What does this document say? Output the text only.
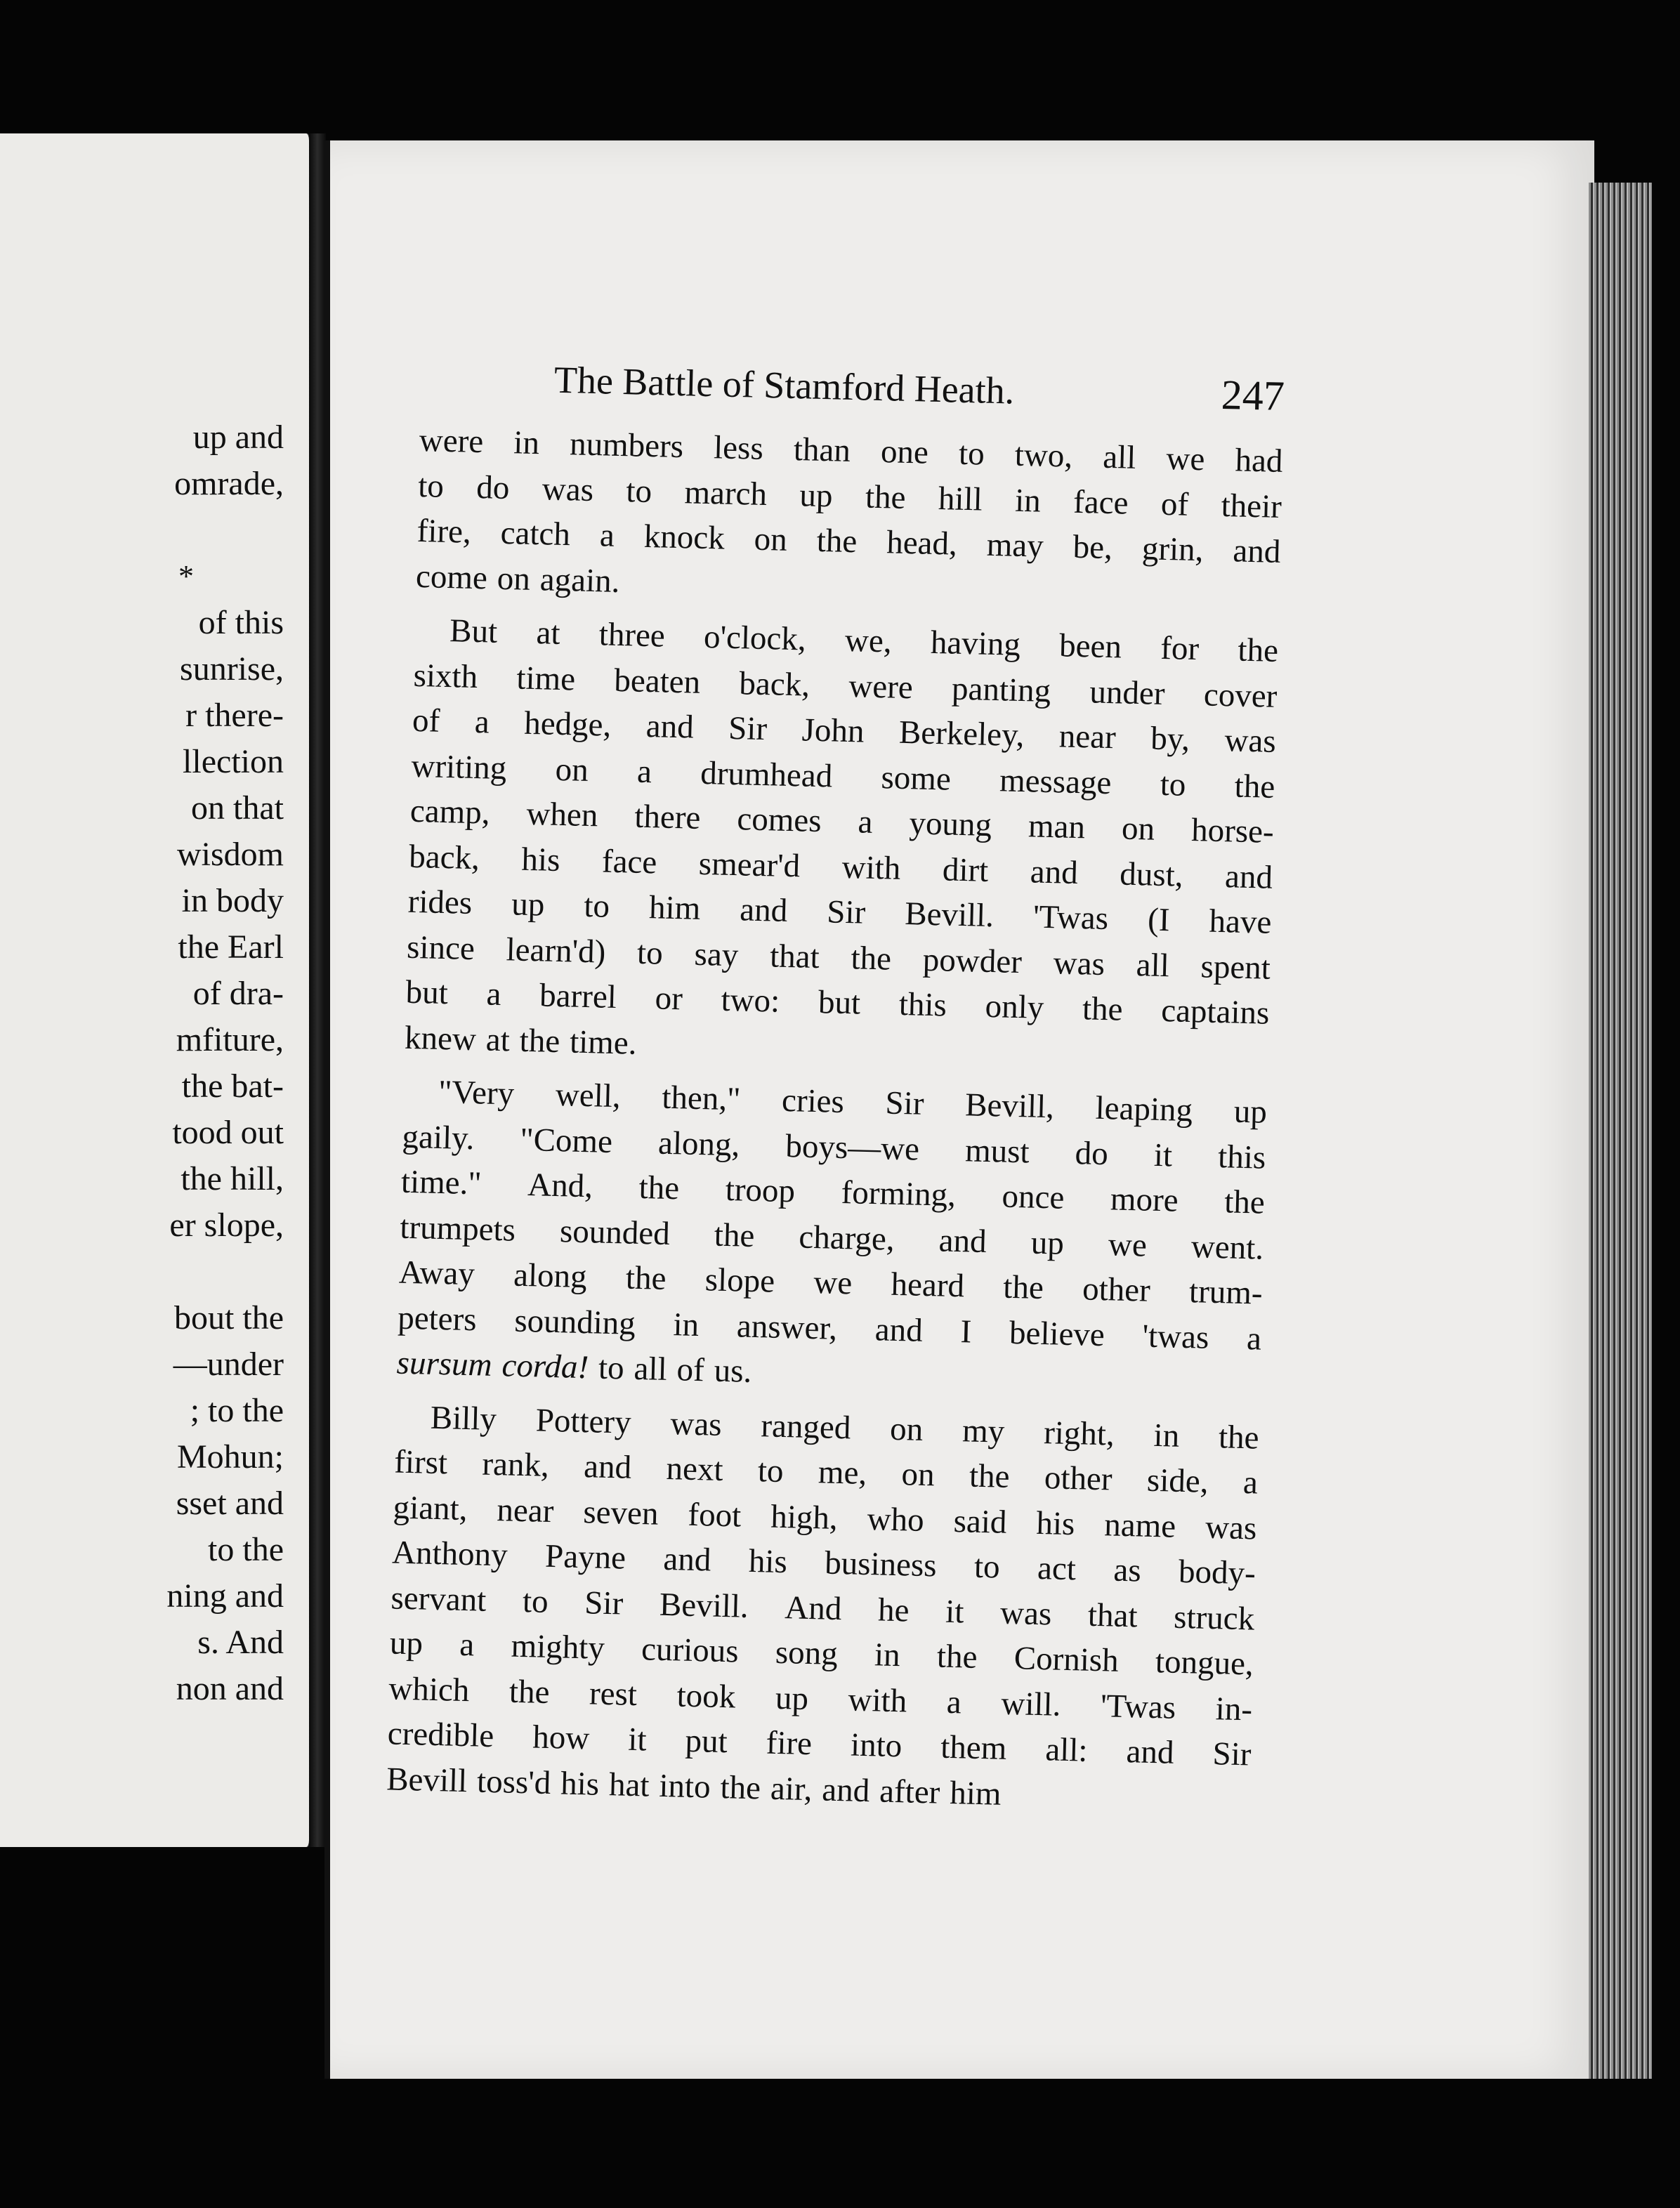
up and
omrade,
*
of this
sunrise,
r there-
llection
on that
wisdom
in body
the Earl
of dra-
mfiture,
the bat-
tood out
the hill,
er slope,
bout the
—under
; to the
Mohun;
sset and
to the
ning and
s. And
non and
The Battle of Stamford Heath.	247
were in numbers less than one to two, all we had
to do was to march up the hill in face of their
fire, catch a knock on the head, may be, grin, and
come on again.
But at three o'clock, we, having been for the
sixth time beaten back, were panting under cover
of a hedge, and Sir John Berkeley, near by, was
writing on a drumhead some message to the
camp, when there comes a young man on horse-
back, his face smear'd with dirt and dust, and
rides up to him and Sir Bevill. 'Twas (I have
since learn'd) to say that the powder was all spent
but a barrel or two: but this only the captains
knew at the time.
"Very well, then," cries Sir Bevill, leaping up
gaily. "Come along, boys—we must do it this
time." And, the troop forming, once more the
trumpets sounded the charge, and up we went.
Away along the slope we heard the other trum-
peters sounding in answer, and I believe 'twas a
sursum corda! to all of us.
Billy Pottery was ranged on my right, in the
first rank, and next to me, on the other side, a
giant, near seven foot high, who said his name was
Anthony Payne and his business to act as body-
servant to Sir Bevill. And he it was that struck
up a mighty curious song in the Cornish tongue,
which the rest took up with a will. 'Twas in-
credible how it put fire into them all: and Sir
Bevill toss'd his hat into the air, and after him
